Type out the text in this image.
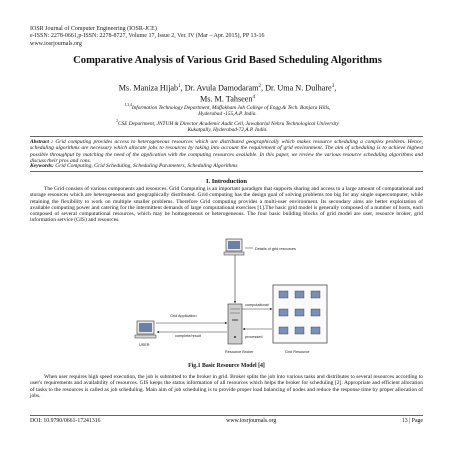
IOSR Journal of Computer Engineering (IOSR-JCE)
e-ISSN: 2278-0661,p-ISSN: 2278-8727, Volume 17, Issue 2, Ver. IV (Mar – Apr. 2015), PP 13-16
www.iosrjournals.org
Comparative Analysis of Various Grid Based Scheduling Algorithms
Ms. Maniza Hijab$^1$, Dr. Avula Damodaram$^2$, Dr. Uma N. Dulhare$^3$,
Ms. M. Tahseen$^4$
$^{1,3,4}$Information Technology Department, Muffakham Jah College of Engg.& Tech. Banjara Hills,
Hyderabad -155,A.P. India.
$^2$CSE Department, JNTUH & Director Academic Audit Cell, Jawaharlal Nehru Technological University
Kukatpally, Hyderabad-72,A.P. India.
Abstract : Grid computing provides access to heterogeneous resources which are distributed geographically which makes resource scheduling a complex problem. Hence, scheduling algorithms are necessary which allocate jobs to resources by taking into account the requirement of grid environment. The aim of scheduling is to achieve highest possible throughput by matching the need of the application with the computing resources available. In this paper, we review the various resource scheduling algorithms and discuss their pros and cons.
Keywords: Grid Computing, Grid Scheduling, Scheduling Parameters, Scheduling Algorithms
I. Introduction
The Grid consists of various components and resources. Grid Computing is an important paradigm that supports sharing and access to a large amount of computational and storage resources which are heterogeneous and geographically distributed. Grid computing has the design goal of solving problems too big for any single supercomputer, while retaining the flexibility to work on multiple smaller problems. Therefore Grid computing provides a multi-user environment. Its secondary aims are better exploitation of available computing power and catering for the intermittent demands of large computational exercises [1].The basic grid model is generally composed of a number of hosts, each composed of several computational resources, which may be homogeneous or heterogeneous. The four basic building blocks of grid model are user, resource broker, grid information service (GIS) and resources.
Details of grid resources
computational
processed
USER
Grid Application
complete/result
Resource Broker	Grid Resource
Fig.1 Basic Resource Model [4]
When user requires high speed execution, the job is submitted to the broker in grid. Broker splits the job into various tasks and distributes to several resources according to user's requirements and availability of resources. GIS keeps the status information of all resources which helps the broker for scheduling [2]. Appropriate and efficient allocation of tasks to the resources is called as job scheduling. Main aim of job scheduling is to provide proper load balancing of nodes and reduce the response time by proper allocation of jobs.
DOI: 10.9790/0661-17241316	www.iosrjournals.org	13 | Page
